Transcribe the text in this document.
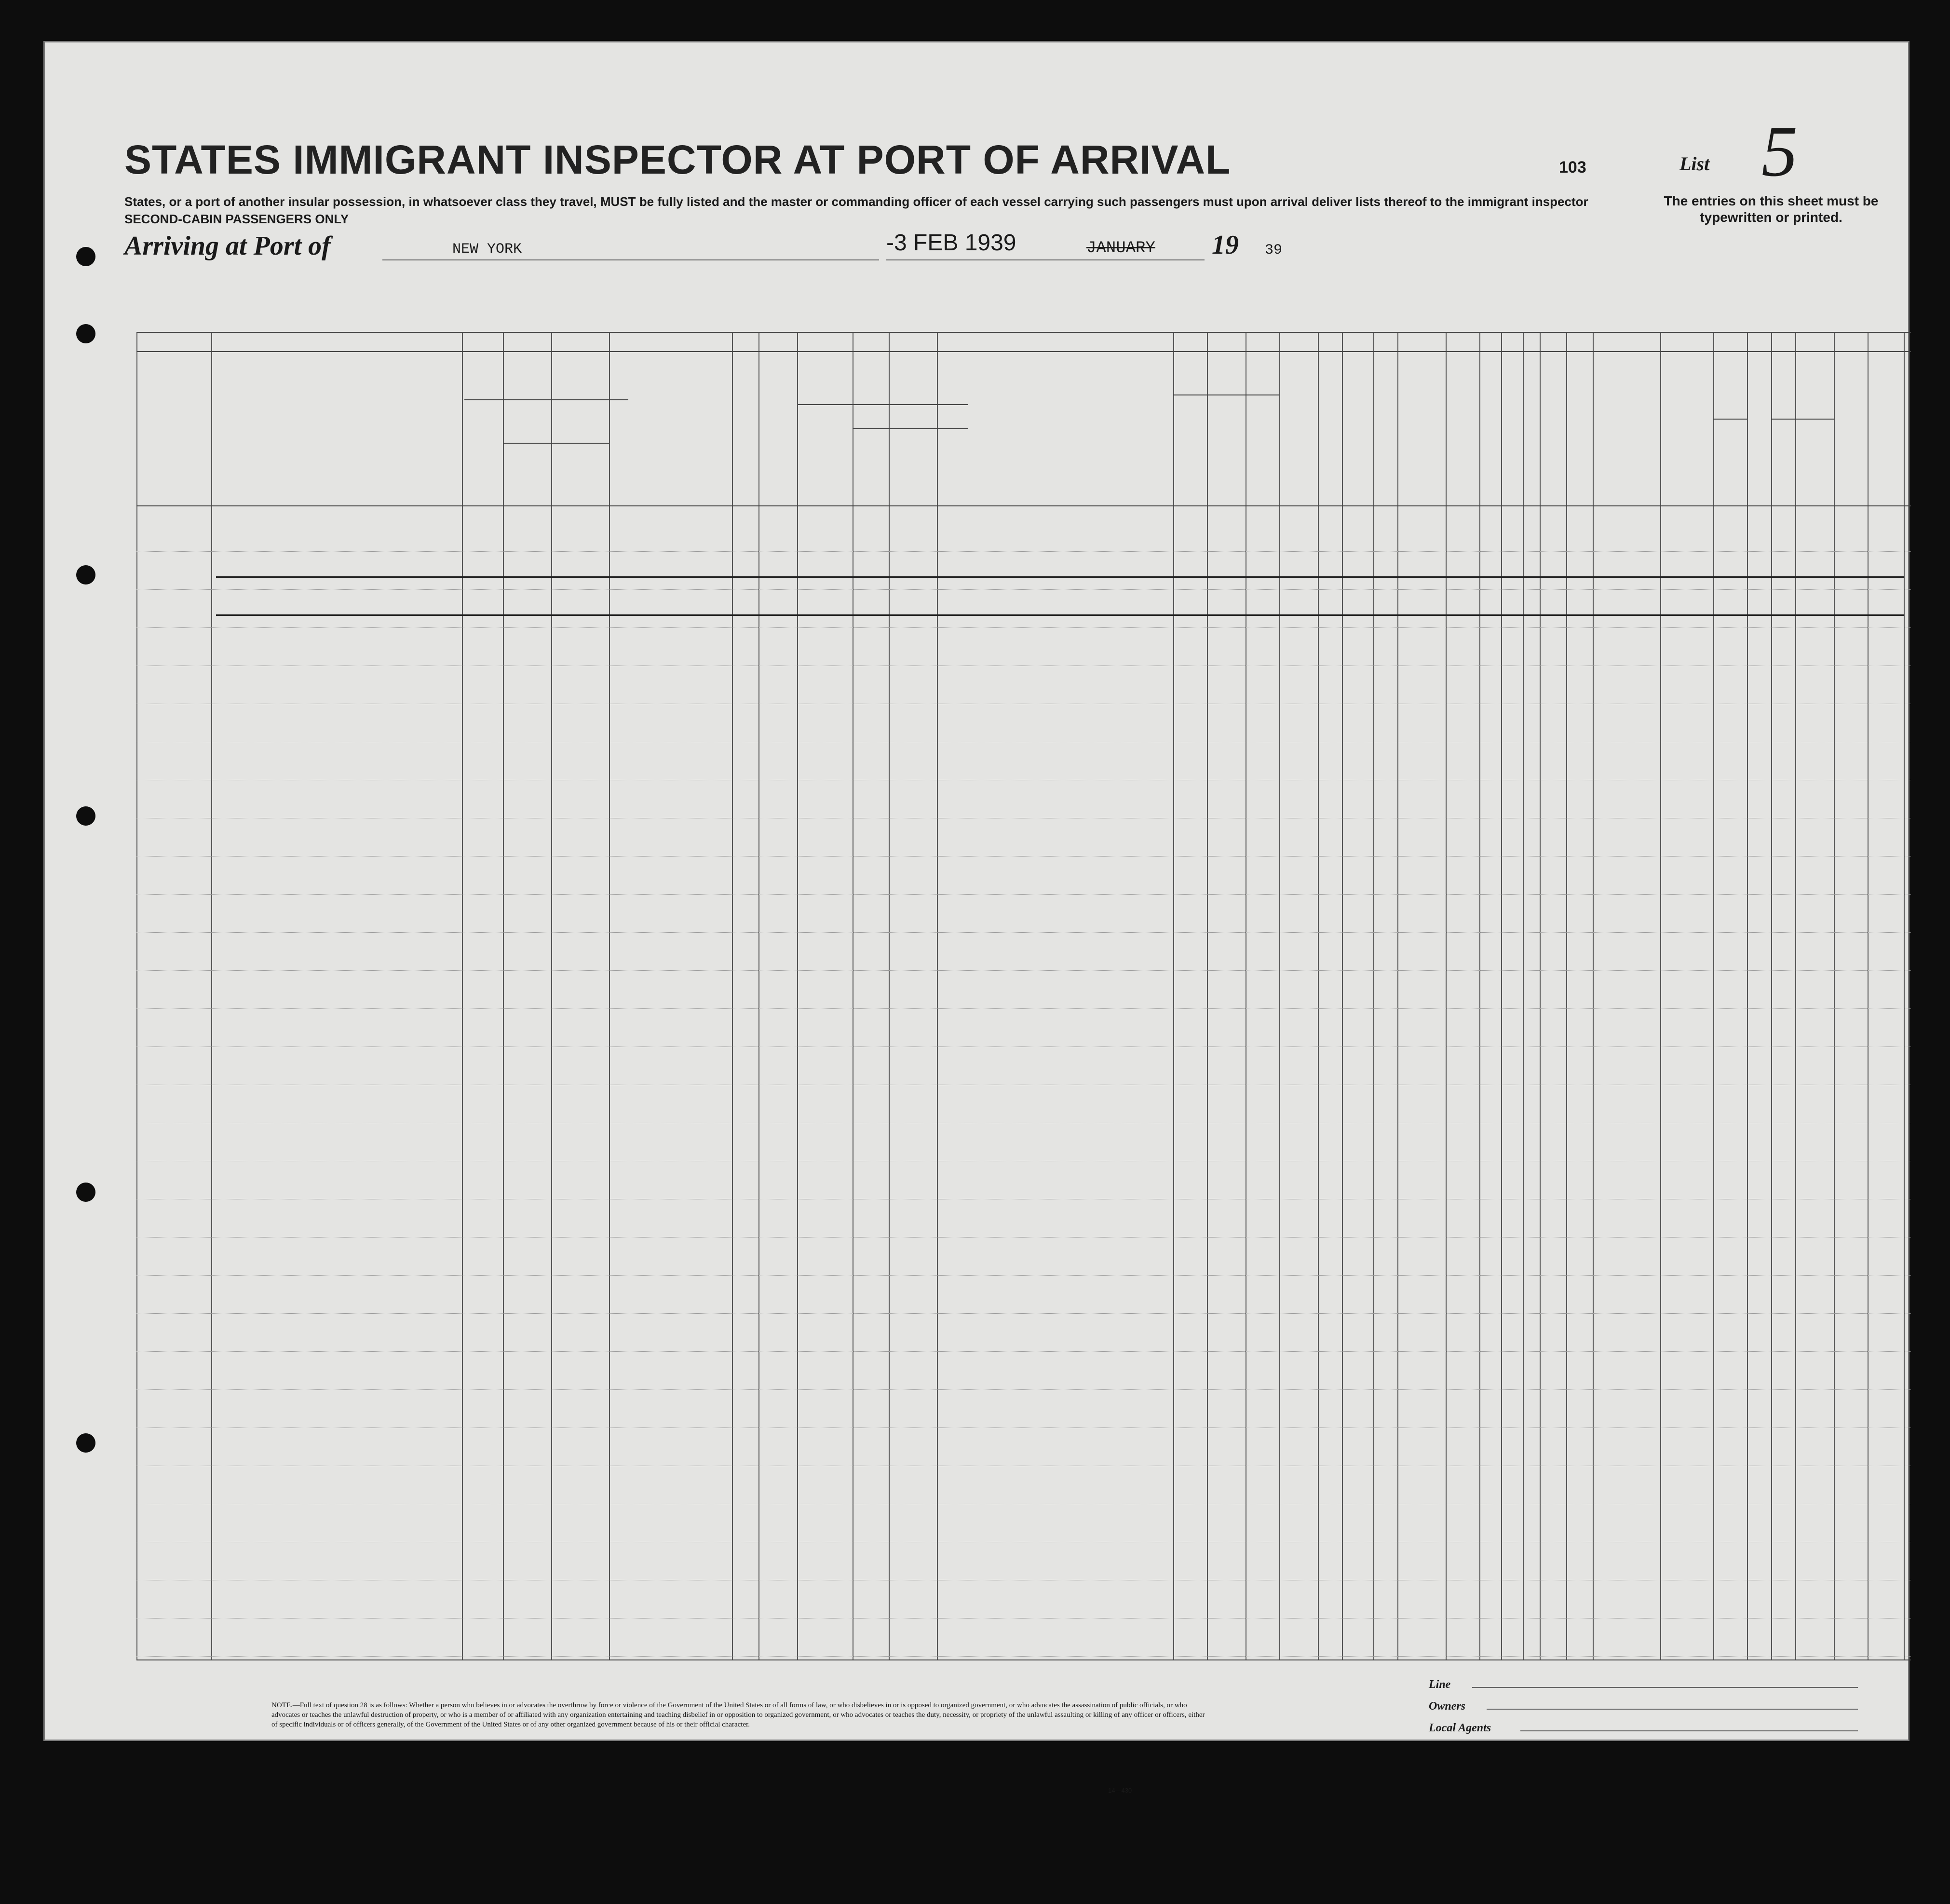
STATES IMMIGRANT INSPECTOR AT PORT OF ARRIVAL
States, or a port of another insular possession, in whatsoever class they travel, MUST be fully listed and the master or commanding officer of each vessel carrying such passengers must upon arrival deliver lists thereof to the immigrant inspector
SECOND-CABIN PASSENGERS ONLY
Arriving at Port of	NEW YORK	-3 FEB 1939	JANUARY 19 39
103	List 5
The entries on this sheet must be typewritten or printed.
NOTE.—Full text of question 28 is as follows: Whether a person who believes in or advocates the overthrow by force or violence of the Government of the United States or of all forms of law, or who disbelieves in or is opposed to organized government, or who advocates the assassination of public officials, or who advocates or teaches the unlawful destruction of property, or who is a member of or affiliated with any organization entertaining and teaching disbelief in or opposition to organized government, or who advocates or teaches the duty, necessity, or propriety of the unlawful assaulting or killing of any officer or officers, either of specific individuals or of officers generally, of the Government of the United States or of any other organized government because of his or their official character.
14—430
Line
Owners
Local Agents
